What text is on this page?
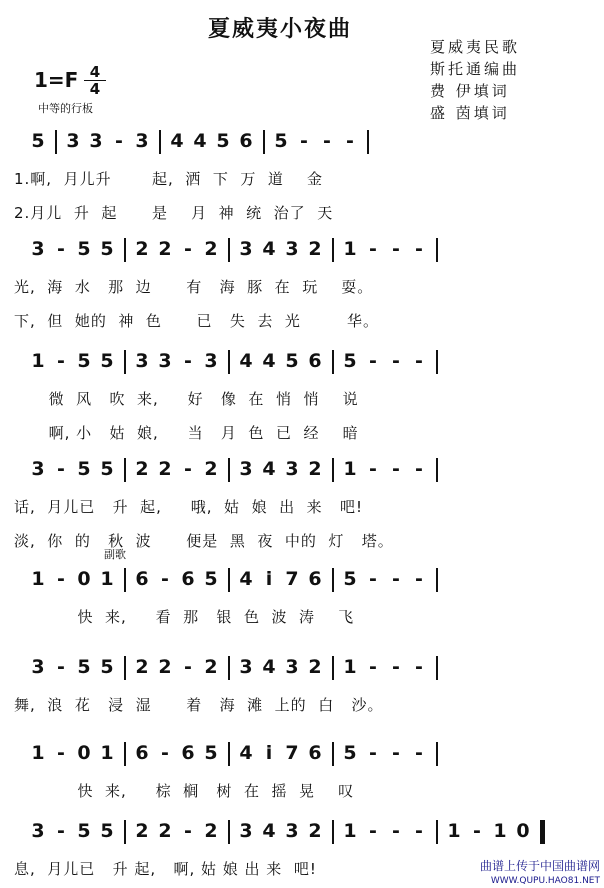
夏威夷小夜曲
夏威夷民歌
斯托通编曲
费 伊填词
盛 茵填词
1=F 4
4
中等的行板
副歌
5 3 3 - 3 4 4 5 6 5 - - -
1.啊,  月儿升       起,  洒  下  万  道    金
2.月儿  升  起      是    月  神  统  治了  天
3 - 5 5 2 2 - 2 3 4 3 2 1 - - -
光,  海  水   那  边      有   海  豚  在  玩    耍。
下,  但  她的  神  色      已   失  去  光        华。
1 - 5 5 3 3 - 3 4 4 5 6 5 - - -
微  风   吹  来,     好   像  在  悄  悄    说
啊, 小   姑  娘,     当   月  色  已  经    暗
3 - 5 5 2 2 - 2 3 4 3 2 1 - - -
话,  月儿已   升  起,     哦,  姑  娘  出  来   吧!
淡,  你  的   秋  波      便是  黑  夜  中的  灯   塔。
1 - 0 1 6 - 6 5 4 i 7 6 5 - - -
快  来,     看  那   银  色  波  涛    飞
3 - 5 5 2 2 - 2 3 4 3 2 1 - - -
舞,  浪  花   浸  湿      着   海  滩  上的  白   沙。
1 - 0 1 6 - 6 5 4 i 7 6 5 - - -
快  来,     棕  榈   树  在  摇  晃    叹
3 - 5 5 2 2 - 2 3 4 3 2 1 - - - 1 - 1 0
息,  月儿已   升 起,   啊, 姑 娘 出 来  吧!	曲谱上传于中国曲谱网
WWW.QUPU.HAO81.NET
